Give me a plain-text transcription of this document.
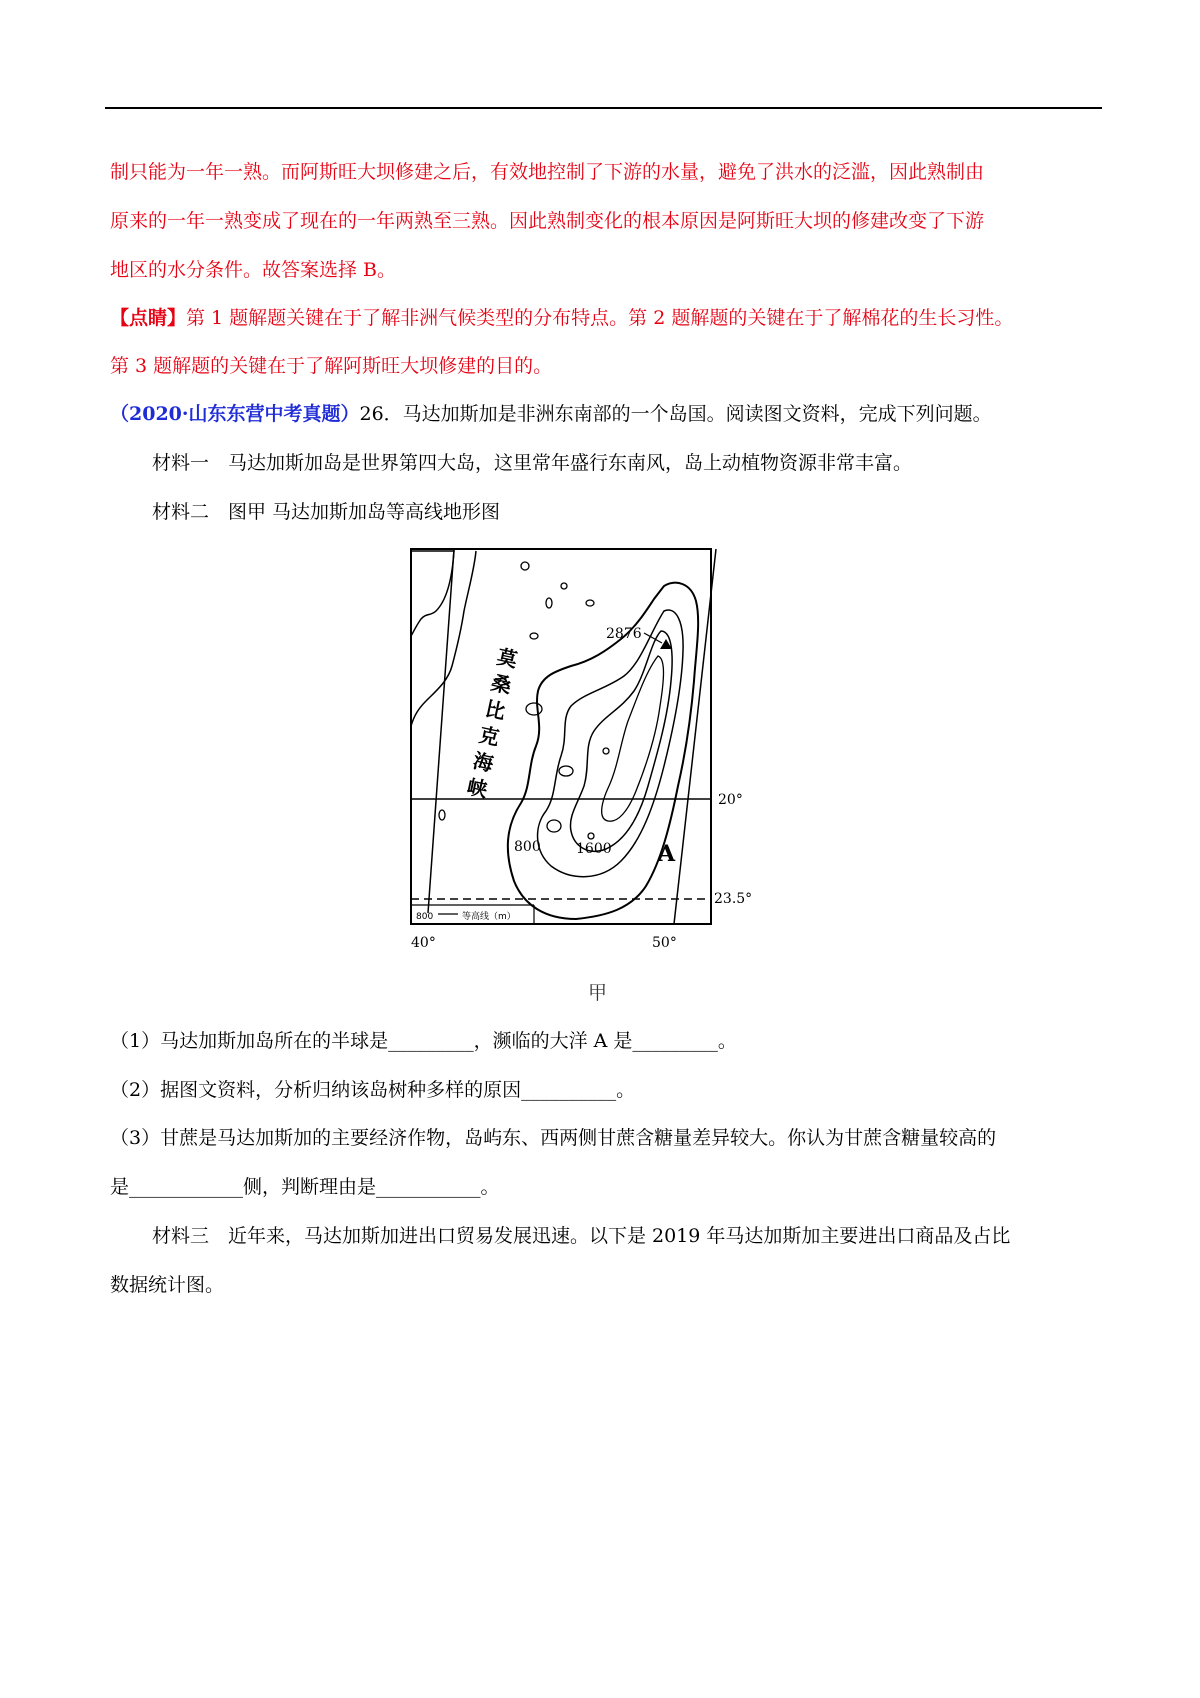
制只能为一年一熟。而阿斯旺大坝修建之后，有效地控制了下游的水量，避免了洪水的泛滥，因此熟制由
原来的一年一熟变成了现在的一年两熟至三熟。因此熟制变化的根本原因是阿斯旺大坝的修建改变了下游
地区的水分条件。故答案选择 B。
【点睛】第 1 题解题关键在于了解非洲气候类型的分布特点。第 2 题解题的关键在于了解棉花的生长习性。
第 3 题解题的关键在于了解阿斯旺大坝修建的目的。
（2020·山东东营中考真题）26．马达加斯加是非洲东南部的一个岛国。阅读图文资料，完成下列问题。
材料一　马达加斯加岛是世界第四大岛，这里常年盛行东南风，岛上动植物资源非常丰富。
材料二　图甲 马达加斯加岛等高线地形图
2876
莫
桑
比
克
海
峡
800	1600 A
20°
23.5°
40°	50°
800	等高线（m）
甲
（1）马达加斯加岛所在的半球是_________，濒临的大洋 A 是_________。
（2）据图文资料，分析归纳该岛树种多样的原因__________。
（3）甘蔗是马达加斯加的主要经济作物，岛屿东、西两侧甘蔗含糖量差异较大。你认为甘蔗含糖量较高的
是____________侧，判断理由是___________。
材料三　近年来，马达加斯加进出口贸易发展迅速。以下是 2019 年马达加斯加主要进出口商品及占比
数据统计图。
